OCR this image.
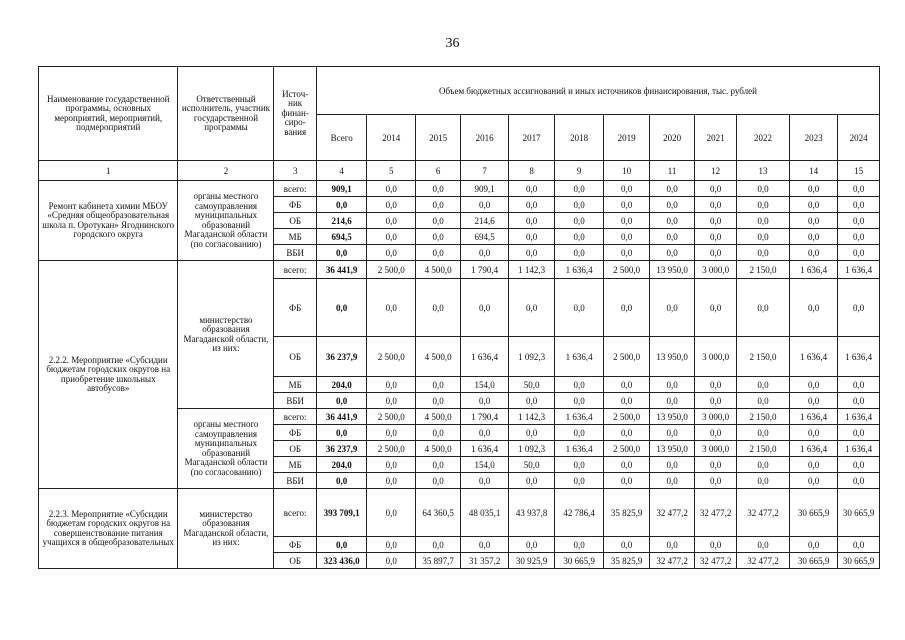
36
Наименование государственной программы, основных мероприятий, мероприятий, подмероприятий	Ответственный исполнитель, участник государственной программы	Источ-ник финан-сиро-вания	Объем бюджетных ассигнований и иных источников финансирования, тыс. рублей											
			Всего	2014	2015	2016	2017	2018	2019	2020	2021	2022	2023	2024
1	2	3	4	5	6	7	8	9	10	11	12	13	14	15
Ремонт кабинета химии МБОУ «Средняя общеобразовательная школа п. Оротукан» Ягоднинского городского округа	органы местного самоуправления муниципальных образований Магаданской области (по согласованию)	всего:	909,1	0,0	0,0	909,1	0,0	0,0	0,0	0,0	0,0	0,0	0,0	0,0
		ФБ	0,0	0,0	0,0	0,0	0,0	0,0	0,0	0,0	0,0	0,0	0,0	0,0
		ОБ	214,6	0,0	0,0	214,6	0,0	0,0	0,0	0,0	0,0	0,0	0,0	0,0
		МБ	694,5	0,0	0,0	694,5	0,0	0,0	0,0	0,0	0,0	0,0	0,0	0,0
		ВБИ	0,0	0,0	0,0	0,0	0,0	0,0	0,0	0,0	0,0	0,0	0,0	0,0
2.2.2. Мероприятие «Субсидии бюджетам городских округов на приобретение школьных автобусов»	министерство образования Магаданской области, из них:	всего:	36 441,9	2 500,0	4 500,0	1 790,4	1 142,3	1 636,4	2 500,0	13 950,0	3 000,0	2 150,0	1 636,4	1 636,4
		ФБ	0,0	0,0	0,0	0,0	0,0	0,0	0,0	0,0	0,0	0,0	0,0	0,0
		ОБ	36 237,9	2 500,0	4 500,0	1 636,4	1 092,3	1 636,4	2 500,0	13 950,0	3 000,0	2 150,0	1 636,4	1 636,4
		МБ	204,0	0,0	0,0	154,0	50,0	0,0	0,0	0,0	0,0	0,0	0,0	0,0
		ВБИ	0,0	0,0	0,0	0,0	0,0	0,0	0,0	0,0	0,0	0,0	0,0	0,0
	органы местного самоуправления муниципальных образований Магаданской области (по согласованию)	всего:	36 441,9	2 500,0	4 500,0	1 790,4	1 142,3	1 636,4	2 500,0	13 950,0	3 000,0	2 150,0	1 636,4	1 636,4
		ФБ	0,0	0,0	0,0	0,0	0,0	0,0	0,0	0,0	0,0	0,0	0,0	0,0
		ОБ	36 237,9	2 500,0	4 500,0	1 636,4	1 092,3	1 636,4	2 500,0	13 950,0	3 000,0	2 150,0	1 636,4	1 636,4
		МБ	204,0	0,0	0,0	154,0	50,0	0,0	0,0	0,0	0,0	0,0	0,0	0,0
		ВБИ	0,0	0,0	0,0	0,0	0,0	0,0	0,0	0,0	0,0	0,0	0,0	0,0
2.2.3. Мероприятие «Субсидии бюджетам городских округов на совершенствование питания учащихся в общеобразовательных	министерство образования Магаданской области, из них:	всего:	393 709,1	0,0	64 360,5	48 035,1	43 937,8	42 786,4	35 825,9	32 477,2	32 477,2	32 477,2	30 665,9	30 665,9
		ФБ	0,0	0,0	0,0	0,0	0,0	0,0	0,0	0,0	0,0	0,0	0,0	0,0
		ОБ	323 436,0	0,0	35 897,7	31 357,2	30 925,9	30 665,9	35 825,9	32 477,2	32 477,2	32 477,2	30 665,9	30 665,9
